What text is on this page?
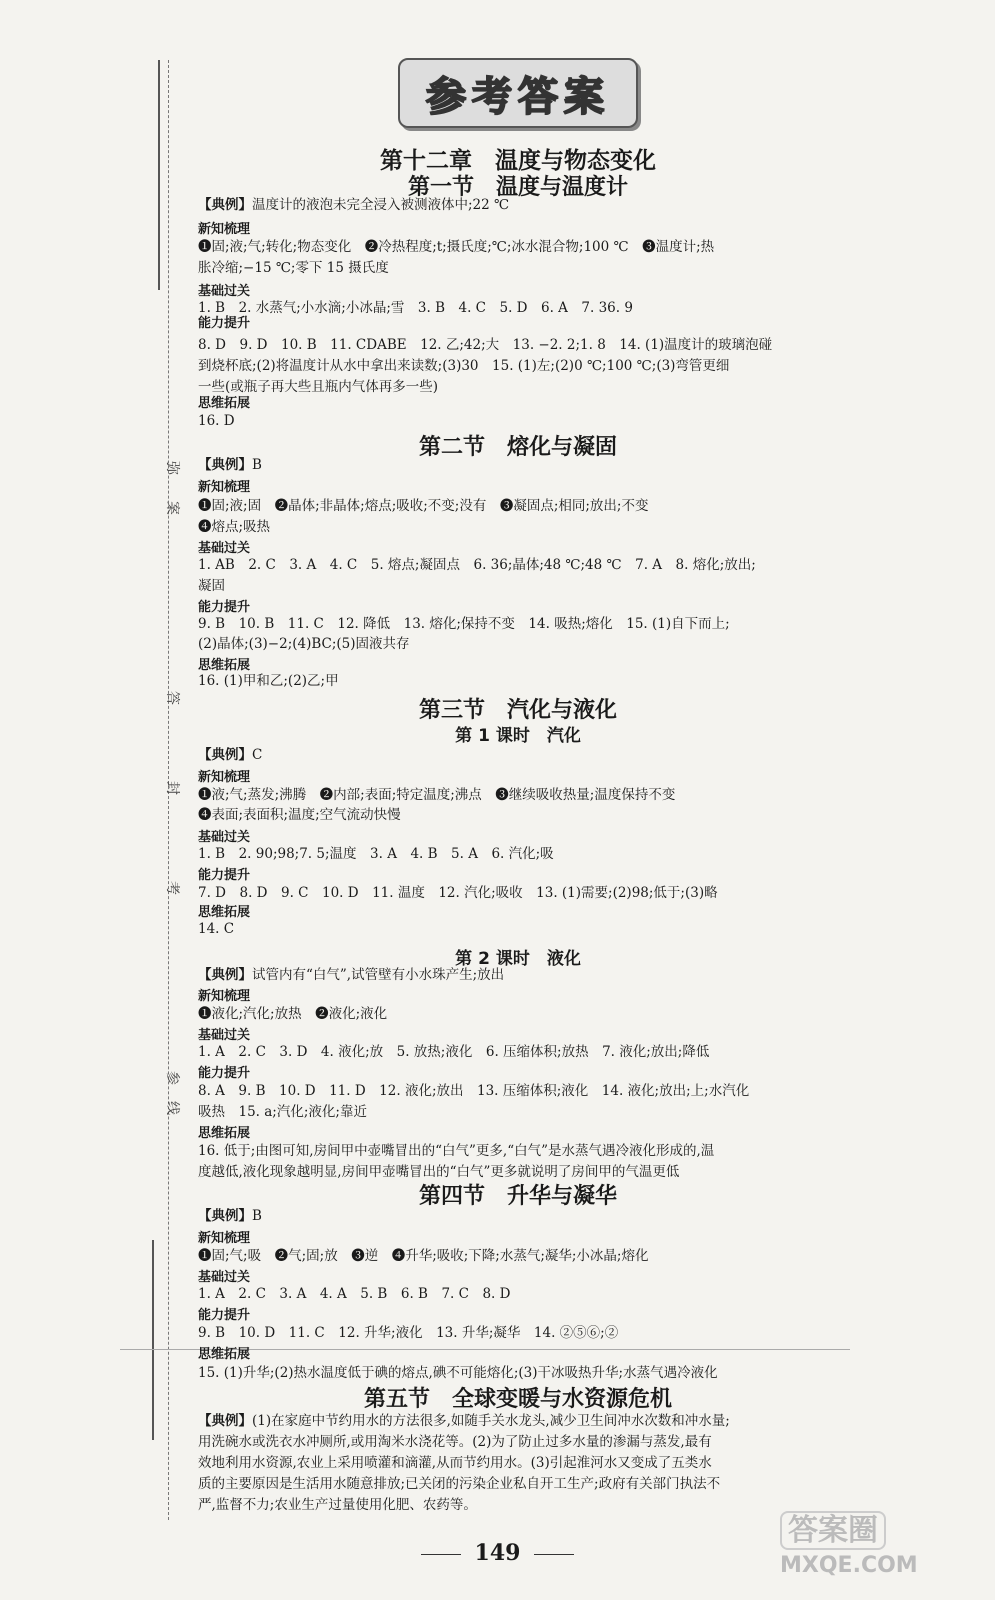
弥
案
答
封
考
参
线
参考答案
第十二章　温度与物态变化
第一节　温度与温度计
【典例】温度计的液泡未完全浸入被测液体中;22 ℃
新知梳理
❶固;液;气;转化;物态变化　❷冷热程度;t;摄氏度;℃;冰水混合物;100 ℃　❸温度计;热
胀冷缩;−15 ℃;零下 15 摄氏度
基础过关
1. B　2. 水蒸气;小水滴;小冰晶;雪　3. B　4. C　5. D　6. A　7. 36. 9
能力提升
8. D　9. D　10. B　11. CDABE　12. 乙;42;大　13. −2. 2;1. 8　14. (1)温度计的玻璃泡碰
到烧杯底;(2)将温度计从水中拿出来读数;(3)30　15. (1)左;(2)0 ℃;100 ℃;(3)弯管更细
一些(或瓶子再大些且瓶内气体再多一些)
思维拓展
16. D
第二节　熔化与凝固
【典例】B
新知梳理
❶固;液;固　❷晶体;非晶体;熔点;吸收;不变;没有　❸凝固点;相同;放出;不变
❹熔点;吸热
基础过关
1. AB　2. C　3. A　4. C　5. 熔点;凝固点　6. 36;晶体;48 ℃;48 ℃　7. A　8. 熔化;放出;
凝固
能力提升
9. B　10. B　11. C　12. 降低　13. 熔化;保持不变　14. 吸热;熔化　15. (1)自下而上;
(2)晶体;(3)−2;(4)BC;(5)固液共存
思维拓展
16. (1)甲和乙;(2)乙;甲
第三节　汽化与液化
第 1 课时　汽化
【典例】C
新知梳理
❶液;气;蒸发;沸腾　❷内部;表面;特定温度;沸点　❸继续吸收热量;温度保持不变
❹表面;表面积;温度;空气流动快慢
基础过关
1. B　2. 90;98;7. 5;温度　3. A　4. B　5. A　6. 汽化;吸
能力提升
7. D　8. D　9. C　10. D　11. 温度　12. 汽化;吸收　13. (1)需要;(2)98;低于;(3)略
思维拓展
14. C
第 2 课时　液化
【典例】试管内有“白气”,试管壁有小水珠产生;放出
新知梳理
❶液化;汽化;放热　❷液化;液化
基础过关
1. A　2. C　3. D　4. 液化;放　5. 放热;液化　6. 压缩体积;放热　7. 液化;放出;降低
能力提升
8. A　9. B　10. D　11. D　12. 液化;放出　13. 压缩体积;液化　14. 液化;放出;上;水汽化
吸热　15. a;汽化;液化;靠近
思维拓展
16. 低于;由图可知,房间甲中壶嘴冒出的“白气”更多,“白气”是水蒸气遇冷液化形成的,温
度越低,液化现象越明显,房间甲壶嘴冒出的“白气”更多就说明了房间甲的气温更低
第四节　升华与凝华
【典例】B
新知梳理
❶固;气;吸　❷气;固;放　❸逆　❹升华;吸收;下降;水蒸气;凝华;小冰晶;熔化
基础过关
1. A　2. C　3. A　4. A　5. B　6. B　7. C　8. D
能力提升
9. B　10. D　11. C　12. 升华;液化　13. 升华;凝华　14. ②⑤⑥;②
思维拓展
15. (1)升华;(2)热水温度低于碘的熔点,碘不可能熔化;(3)干冰吸热升华;水蒸气遇冷液化
第五节　全球变暖与水资源危机
【典例】(1)在家庭中节约用水的方法很多,如随手关水龙头,减少卫生间冲水次数和冲水量;
用洗碗水或洗衣水冲厕所,或用淘米水浇花等。(2)为了防止过多水量的渗漏与蒸发,最有
效地利用水资源,农业上采用喷灌和滴灌,从而节约用水。(3)引起淮河水又变成了五类水
质的主要原因是生活用水随意排放;已关闭的污染企业私自开工生产;政府有关部门执法不
严,监督不力;农业生产过量使用化肥、农药等。
149
答案圈
MXQE.COM
